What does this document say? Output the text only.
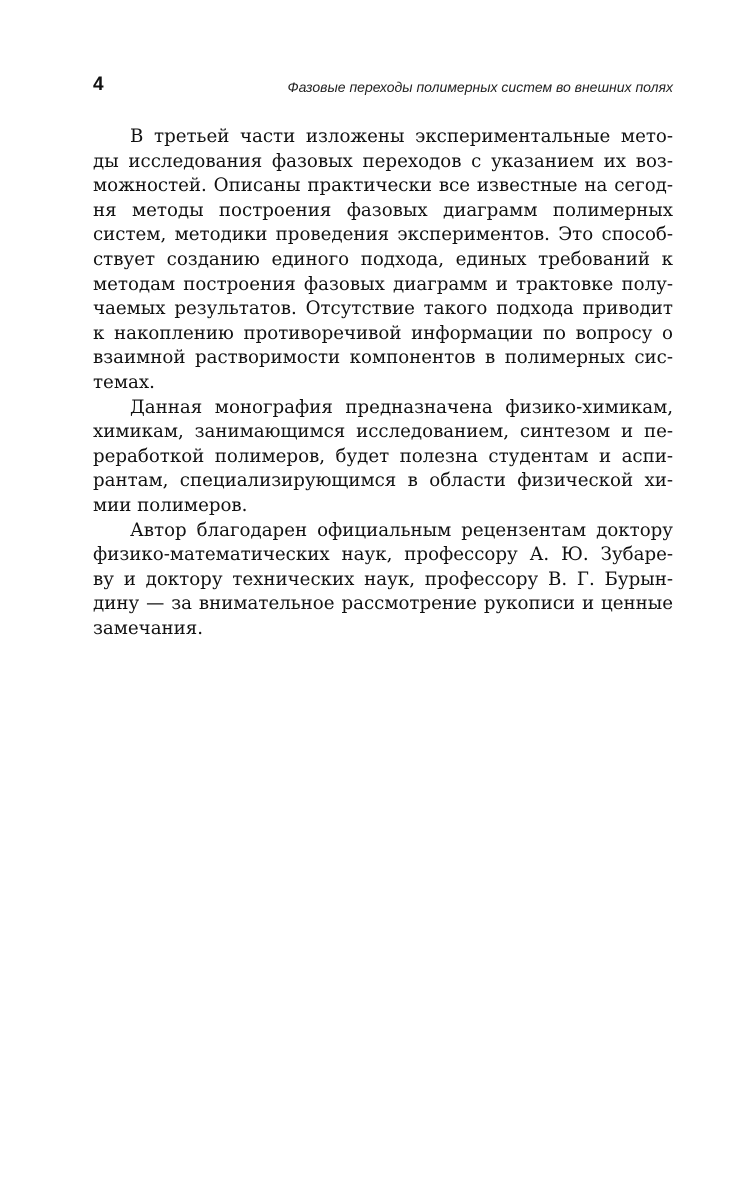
4	Фазовые переходы полимерных систем во внешних полях
В третьей части изложены экспериментальные мето-
ды исследования фазовых переходов с указанием их воз-
можностей. Описаны практически все известные на сегод-
ня методы построения фазовых диаграмм полимерных
систем, методики проведения экспериментов. Это способ-
ствует созданию единого подхода, единых требований к
методам построения фазовых диаграмм и трактовке полу-
чаемых результатов. Отсутствие такого подхода приводит
к накоплению противоречивой информации по вопросу о
взаимной растворимости компонентов в полимерных сис-
темах.
Данная монография предназначена физико-химикам,
химикам, занимающимся исследованием, синтезом и пе-
реработкой полимеров, будет полезна студентам и аспи-
рантам, специализирующимся в области физической хи-
мии полимеров.
Автор благодарен официальным рецензентам доктору
физико-математических наук, профессору А. Ю. Зубаре-
ву и доктору технических наук, профессору В. Г. Бурын-
дину — за внимательное рассмотрение рукописи и ценные
замечания.
